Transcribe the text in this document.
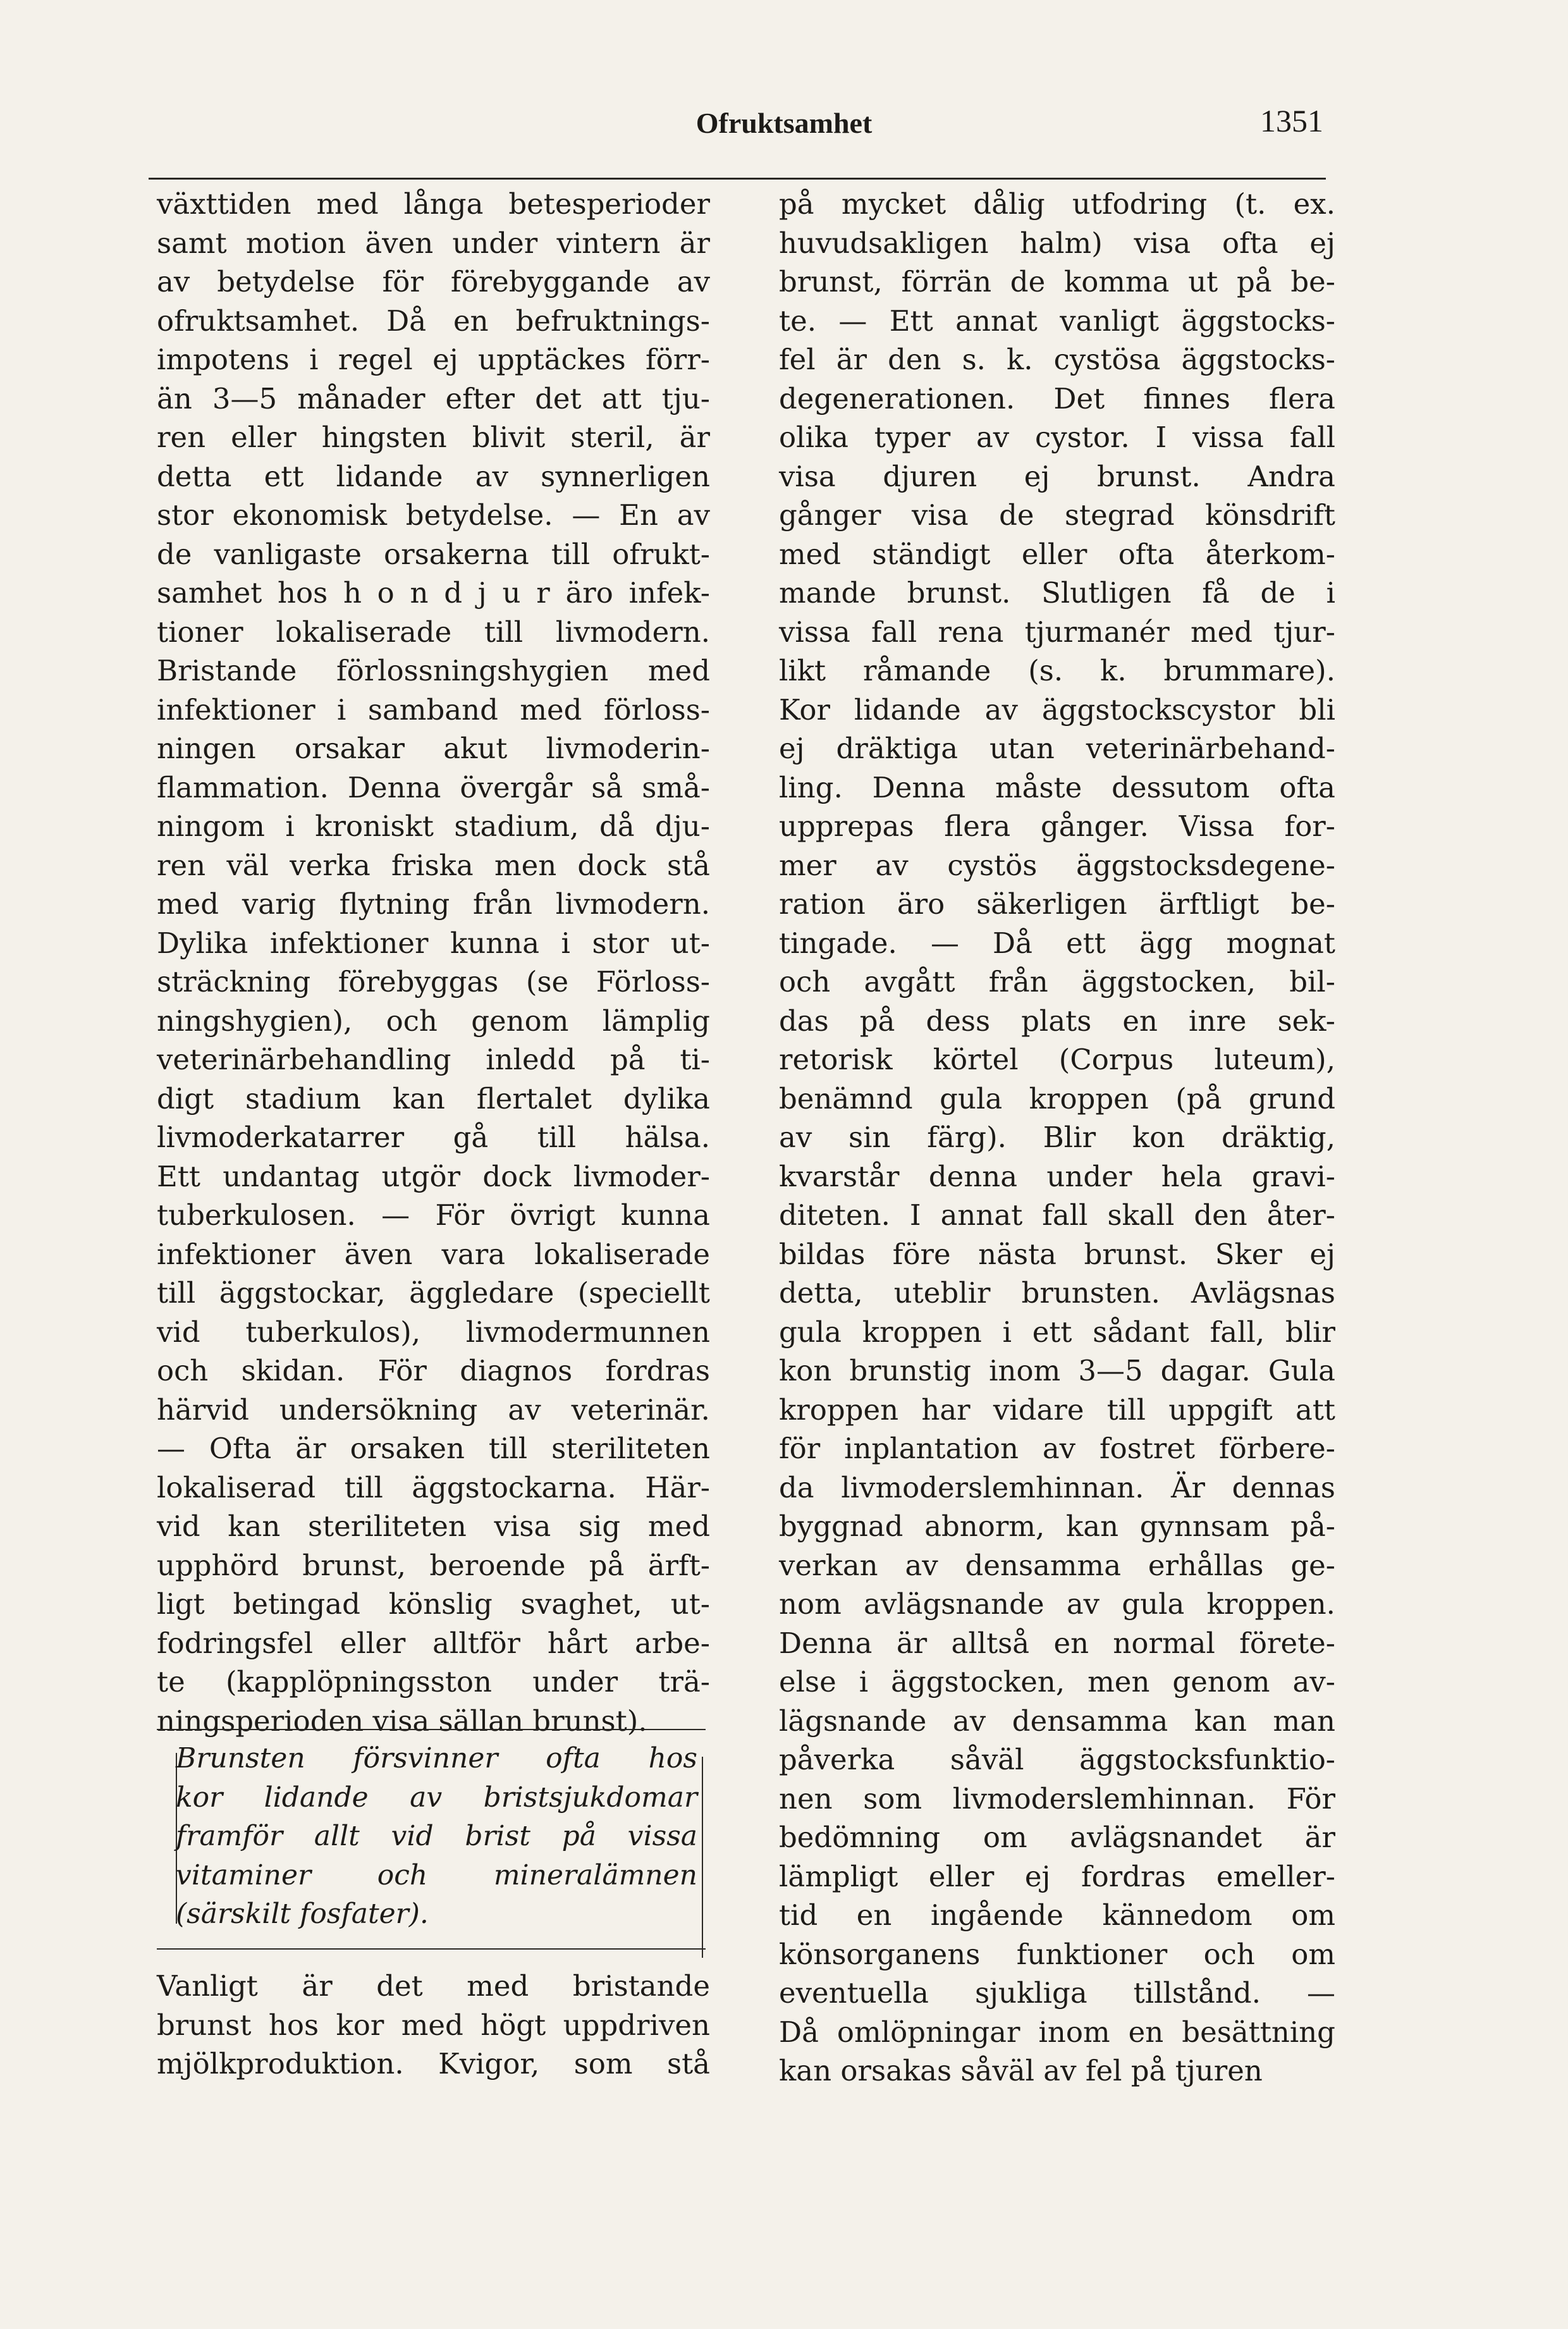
Ofruktsamhet	1351
växttiden med långa betesperioder
samt motion även under vintern är
av betydelse för förebyggande av
ofruktsamhet. Då en befruktnings-
impotens i regel ej upptäckes förr-
än 3—5 månader efter det att tju-
ren eller hingsten blivit steril, är
detta ett lidande av synnerligen
stor ekonomisk betydelse. — En av
de vanligaste orsakerna till ofrukt-
samhet hos h o n d j u r äro infek-
tioner lokaliserade till livmodern.
Bristande förlossningshygien med
infektioner i samband med förloss-
ningen orsakar akut livmoderin-
flammation. Denna övergår så små-
ningom i kroniskt stadium, då dju-
ren väl verka friska men dock stå
med varig flytning från livmodern.
Dylika infektioner kunna i stor ut-
sträckning förebyggas (se Förloss-
ningshygien), och genom lämplig
veterinärbehandling inledd på ti-
digt stadium kan flertalet dylika
livmoderkatarrer gå till hälsa.
Ett undantag utgör dock livmoder-
tuberkulosen. — För övrigt kunna
infektioner även vara lokaliserade
till äggstockar, äggledare (speciellt
vid tuberkulos), livmodermunnen
och skidan. För diagnos fordras
härvid undersökning av veterinär.
— Ofta är orsaken till steriliteten
lokaliserad till äggstockarna. Här-
vid kan steriliteten visa sig med
upphörd brunst, beroende på ärft-
ligt betingad könslig svaghet, ut-
fodringsfel eller alltför hårt arbe-
te (kapplöpningsston under trä-
ningsperioden visa sällan brunst).
Brunsten försvinner ofta hos
kor lidande av bristsjukdomar
framför allt vid brist på vissa
vitaminer och mineralämnen
(särskilt fosfater).
Vanligt är det med bristande
brunst hos kor med högt uppdriven
mjölkproduktion. Kvigor, som stå
på mycket dålig utfodring (t. ex.
huvudsakligen halm) visa ofta ej
brunst, förrän de komma ut på be-
te. — Ett annat vanligt äggstocks-
fel är den s. k. cystösa äggstocks-
degenerationen. Det finnes flera
olika typer av cystor. I vissa fall
visa djuren ej brunst. Andra
gånger visa de stegrad könsdrift
med ständigt eller ofta återkom-
mande brunst. Slutligen få de i
vissa fall rena tjurmanér med tjur-
likt råmande (s. k. brummare).
Kor lidande av äggstockscystor bli
ej dräktiga utan veterinärbehand-
ling. Denna måste dessutom ofta
upprepas flera gånger. Vissa for-
mer av cystös äggstocksdegene-
ration äro säkerligen ärftligt be-
tingade. — Då ett ägg mognat
och avgått från äggstocken, bil-
das på dess plats en inre sek-
retorisk körtel (Corpus luteum),
benämnd gula kroppen (på grund
av sin färg). Blir kon dräktig,
kvarstår denna under hela gravi-
diteten. I annat fall skall den åter-
bildas före nästa brunst. Sker ej
detta, uteblir brunsten. Avlägsnas
gula kroppen i ett sådant fall, blir
kon brunstig inom 3—5 dagar. Gula
kroppen har vidare till uppgift att
för inplantation av fostret förbere-
da livmoderslemhinnan. Är dennas
byggnad abnorm, kan gynnsam på-
verkan av densamma erhållas ge-
nom avlägsnande av gula kroppen.
Denna är alltså en normal förete-
else i äggstocken, men genom av-
lägsnande av densamma kan man
påverka såväl äggstocksfunktio-
nen som livmoderslemhinnan. För
bedömning om avlägsnandet är
lämpligt eller ej fordras emeller-
tid en ingående kännedom om
könsorganens funktioner och om
eventuella sjukliga tillstånd. —
Då omlöpningar inom en besättning
kan orsakas såväl av fel på tjuren
